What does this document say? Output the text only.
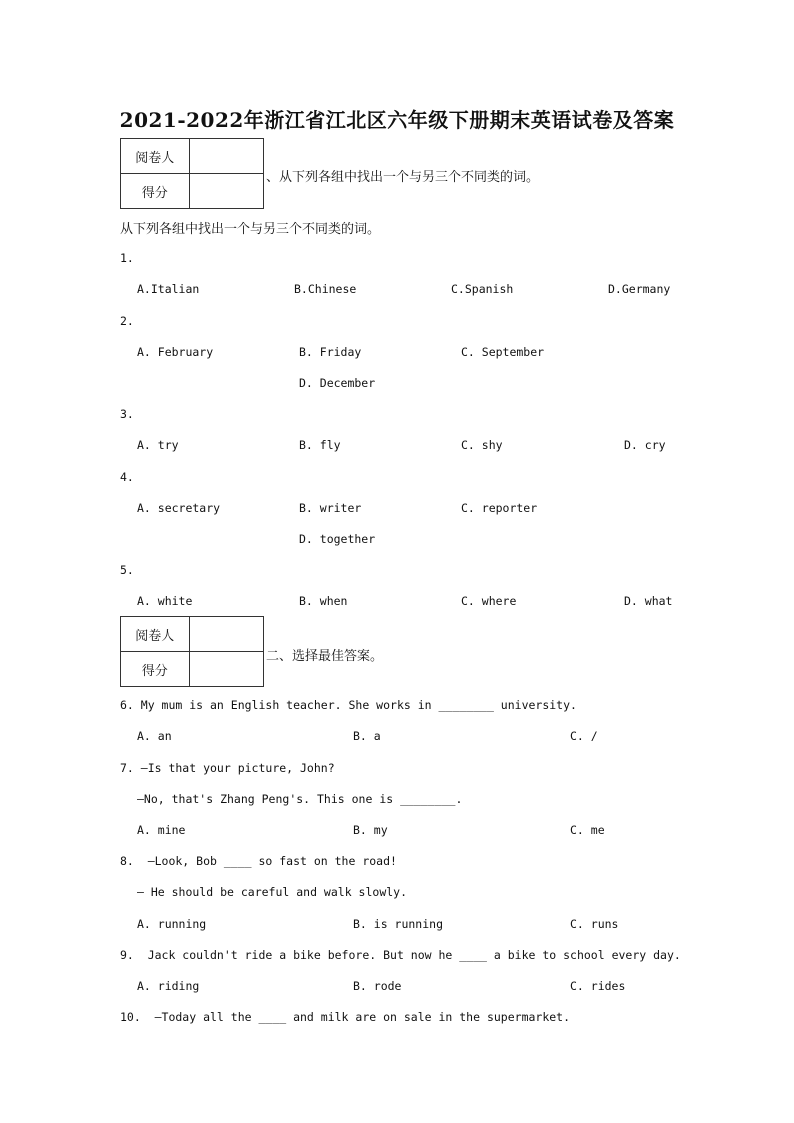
2021-2022年浙江省江北区六年级下册期末英语试卷及答案
阅卷人	
得分	
、从下列各组中找出一个与另三个不同类的词。
从下列各组中找出一个与另三个不同类的词。
1.
A.Italian	B.Chinese	C.Spanish	D.Germany
2.
A. February	B. Friday	C. September
D. December
3.
A. try	B. fly	C. shy	D. cry
4.
A. secretary	B. writer	C. reporter
D. together
5.
A. white	B. when	C. where	D. what
阅卷人	
得分	
二、选择最佳答案。
6. My mum is an English teacher. She works in ________ university.
A. an	B. a	C. /
7. —Is that your picture, John?
—No, that's Zhang Peng's. This one is ________.
A. mine	B. my	C. me
8.  —Look, Bob ____ so fast on the road!
— He should be careful and walk slowly.
A. running	B. is running	C. runs
9.  Jack couldn't ride a bike before. But now he ____ a bike to school every day.
A. riding	B. rode	C. rides
10.  —Today all the ____ and milk are on sale in the supermarket.
